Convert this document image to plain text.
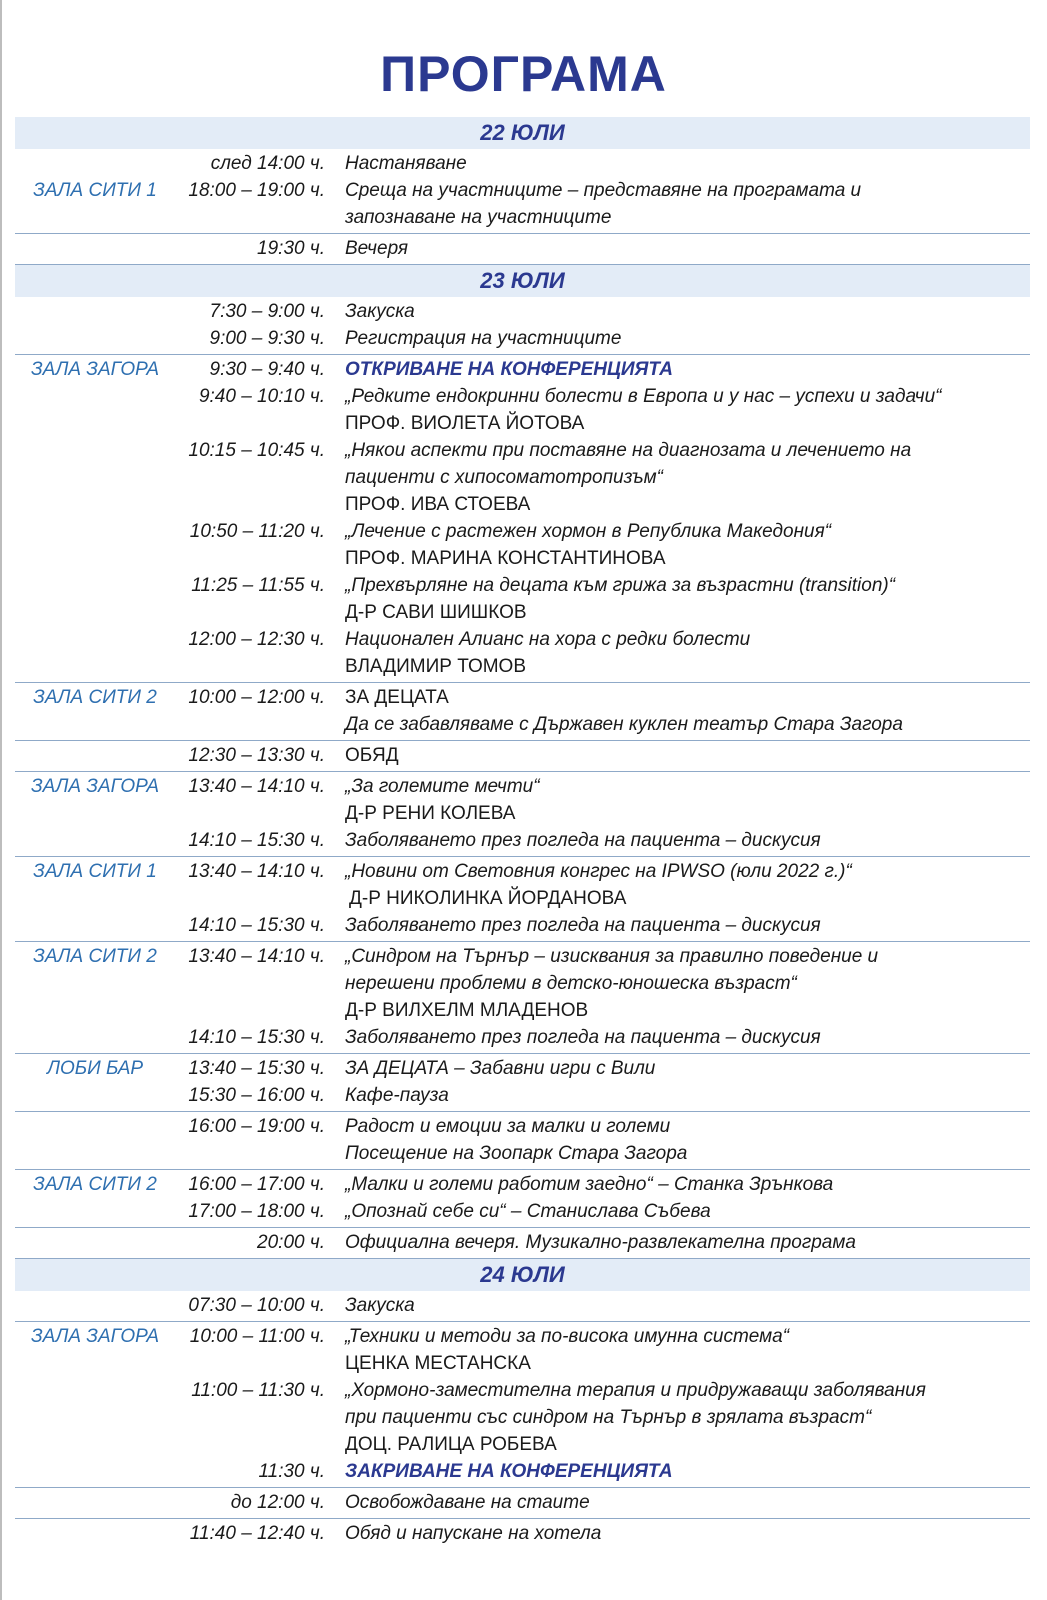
ПРОГРАМА
22 ЮЛИ
след 14:00 ч.	Настаняване
ЗАЛА СИТИ 1	18:00 – 19:00 ч.	Среща на участниците – представяне на програмата и
запознаване на участниците
19:30 ч.	Вечеря
23 ЮЛИ
7:30 – 9:00 ч.	Закуска
9:00 – 9:30 ч.	Регистрация на участниците
ЗАЛА ЗАГОРА	9:30 – 9:40 ч.	ОТКРИВАНЕ НА КОНФЕРЕНЦИЯТА
9:40 – 10:10 ч.	„Редките ендокринни болести в Европа и у нас – успехи и задачи“
ПРОФ. ВИОЛЕТА ЙОТОВА
10:15 – 10:45 ч.	„Някои аспекти при поставяне на диагнозата и лечението на
пациенти с хипосоматотропизъм“
ПРОФ. ИВА СТОЕВА
10:50 – 11:20 ч.	„Лечение с растежен хормон в Република Македония“
ПРОФ. МАРИНА КОНСТАНТИНОВА
11:25 – 11:55 ч.	„Прехвърляне на децата към грижа за възрастни (transition)“
Д-Р САВИ ШИШКОВ
12:00 – 12:30 ч.	Национален Алианс на хора с редки болести
ВЛАДИМИР ТОМОВ
ЗАЛА СИТИ 2	10:00 – 12:00 ч.	ЗА ДЕЦАТА
Да се забавляваме с Държавен куклен театър Стара Загора
12:30 – 13:30 ч.	ОБЯД
ЗАЛА ЗАГОРА	13:40 – 14:10 ч.	„За големите мечти“
Д-Р РЕНИ КОЛЕВА
14:10 – 15:30 ч.	Заболяването през погледа на пациента – дискусия
ЗАЛА СИТИ 1	13:40 – 14:10 ч.	„Новини от Световния конгрес на IPWSO (юли 2022 г.)“
Д-Р НИКОЛИНКА ЙОРДАНОВА
14:10 – 15:30 ч.	Заболяването през погледа на пациента – дискусия
ЗАЛА СИТИ 2	13:40 – 14:10 ч.	„Синдром на Търнър – изисквания за правилно поведение и
нерешени проблеми в детско-юношеска възраст“
Д-Р ВИЛХЕЛМ МЛАДЕНОВ
14:10 – 15:30 ч.	Заболяването през погледа на пациента – дискусия
ЛОБИ БАР	13:40 – 15:30 ч.	ЗА ДЕЦАТА – Забавни игри с Вили
15:30 – 16:00 ч.	Кафе-пауза
16:00 – 19:00 ч.	Радост и емоции за малки и големи
Посещение на Зоопарк Стара Загора
ЗАЛА СИТИ 2	16:00 – 17:00 ч.	„Малки и големи работим заедно“ – Станка Зрънкова
17:00 – 18:00 ч.	„Опознай себе си“ – Станислава Събева
20:00 ч.	Официална вечеря. Музикално-развлекателна програма
24 ЮЛИ
07:30 – 10:00 ч.	Закуска
ЗАЛА ЗАГОРА	10:00 – 11:00 ч.	„Техники и методи за по-висока имунна система“
ЦЕНКА МЕСТАНСКА
11:00 – 11:30 ч.	„Хормоно-заместителна терапия и придружаващи заболявания
при пациенти със синдром на Търнър в зрялата възраст“
ДОЦ. РАЛИЦА РОБЕВА
11:30 ч.	ЗАКРИВАНЕ НА КОНФЕРЕНЦИЯТА
до 12:00 ч.	Освобождаване на стаите
11:40 – 12:40 ч.	Обяд и напускане на хотела
